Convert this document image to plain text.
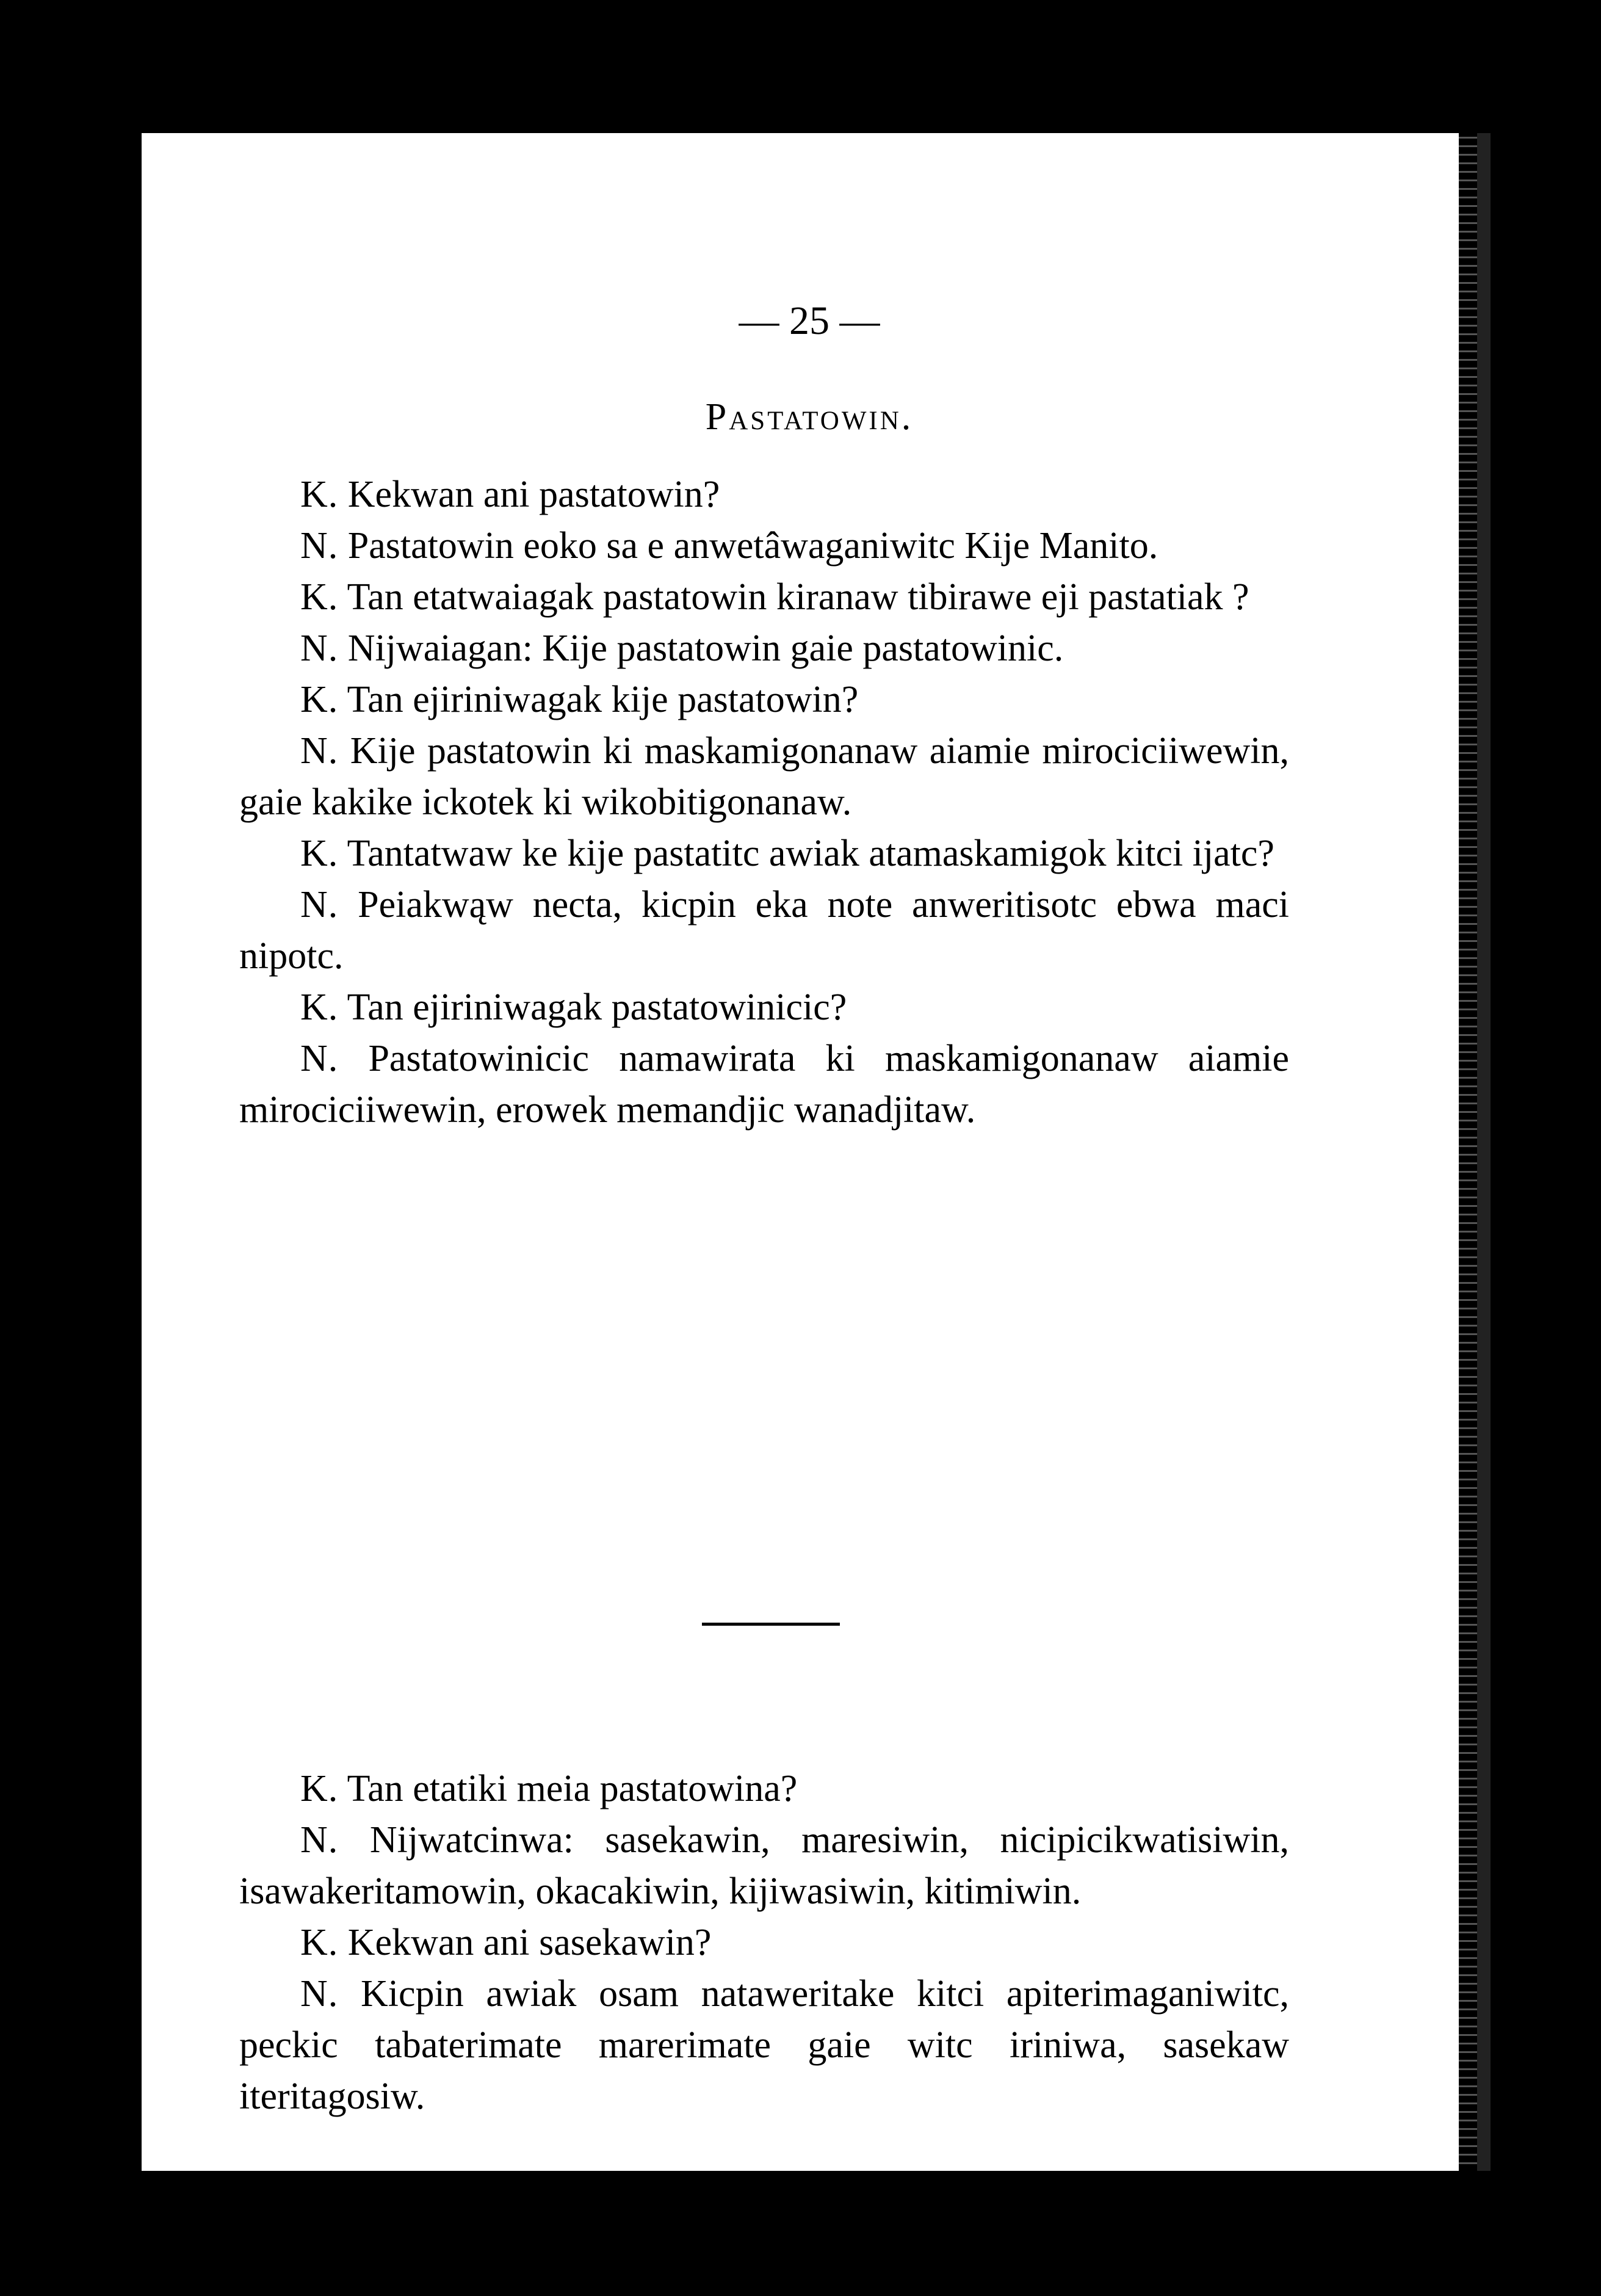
— 25 —
Pastatowin.

K. Kekwan ani pastatowin?

N. Pastatowin eoko sa e anwetâwaganiwitc Kije Manito.

K. Tan etatwaiagak pastatowin kiranaw tibirawe eji pastatiak ?

N. Nijwaiagan: Kije pastatowin gaie pastatowinic.

K. Tan ejiriniwagak kije pastatowin?

N. Kije pastatowin ki maskamigonanaw aiamie mirociciiwewin, gaie kakike ickotek ki wikobitigonanaw.

K. Tantatwaw ke kije pastatitc awiak atamaskamigok kitci ijatc?

N. Peiakwąw necta, kicpin eka note anweritisotc ebwa maci nipotc.

K. Tan ejiriniwagak pastatowinicic?

N. Pastatowinicic namawirata ki maskamigonanaw aiamie mirociciiwewin, erowek memandjic wanadjitaw.

K. Tan etatiki meia pastatowina?

N. Nijwatcinwa: sasekawin, maresiwin, nicipicikwatisiwin, isawakeritamowin, okacakiwin, kijiwasiwin, kitimiwin.

K. Kekwan ani sasekawin?

N. Kicpin awiak osam nataweritake kitci apiterimaganiwitc, peckic tabaterimate marerimate gaie witc iriniwa, sasekaw iteritagosiw.
